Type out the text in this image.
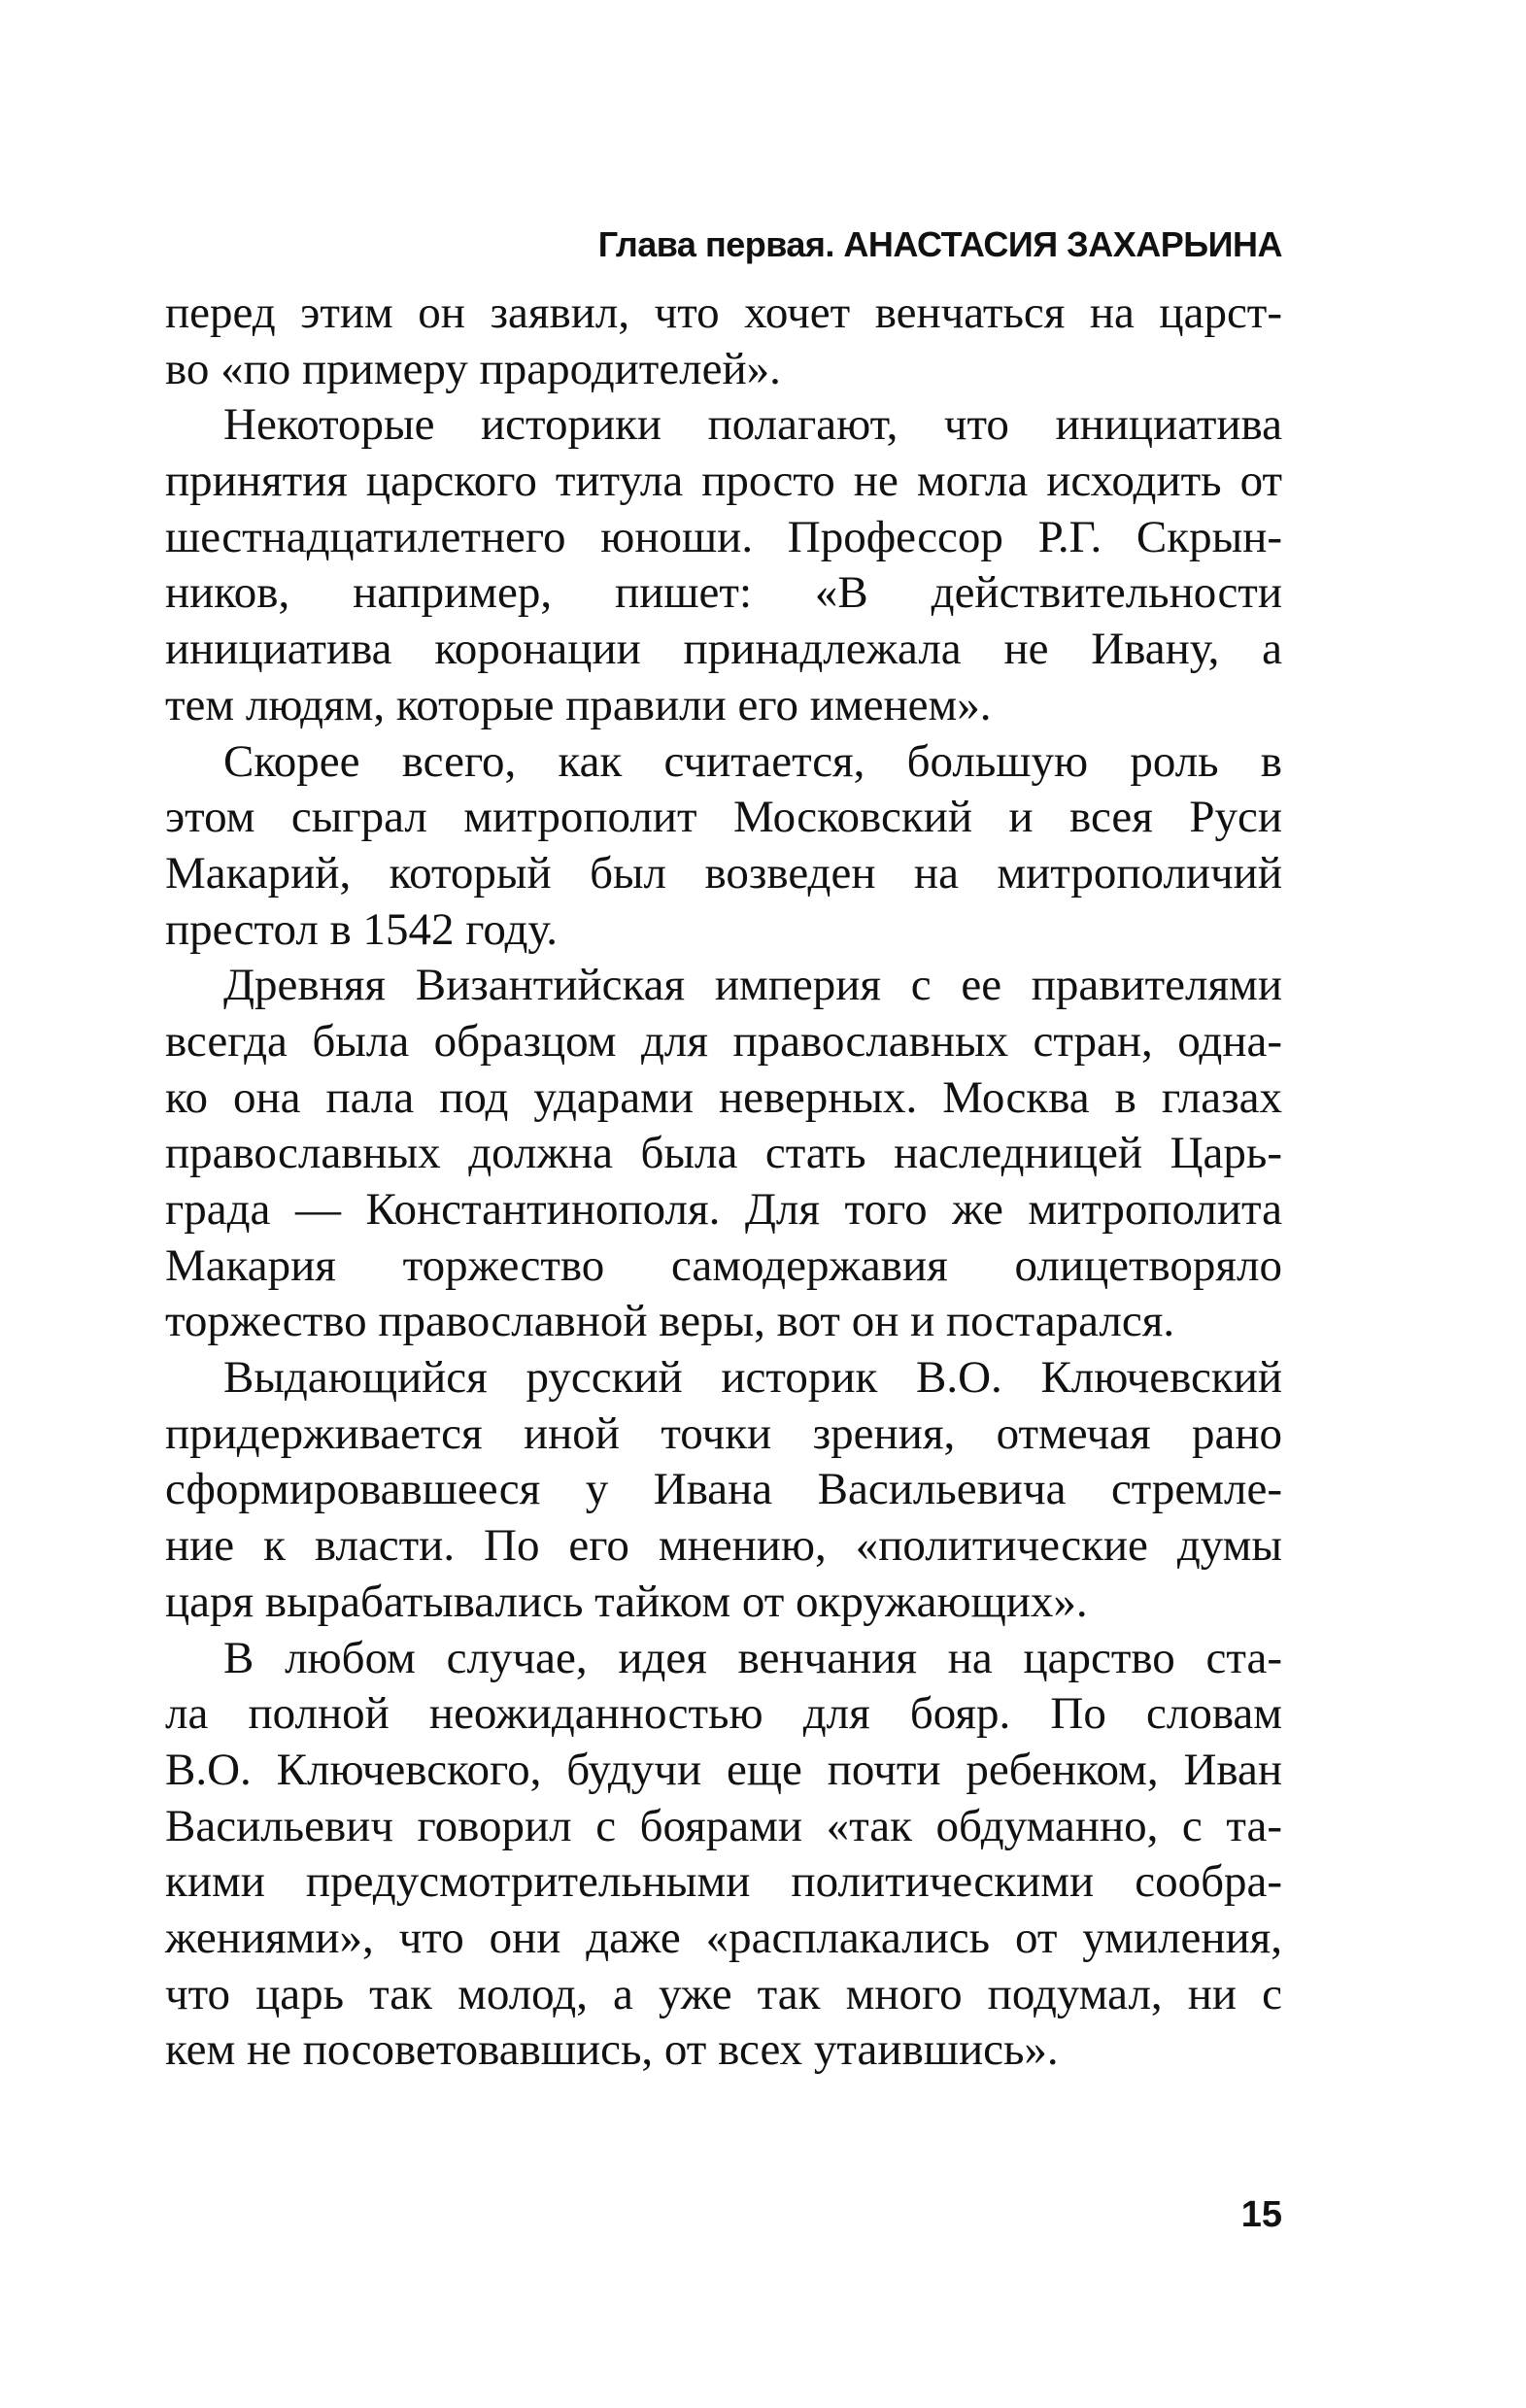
Глава первая. АНАСТАСИЯ ЗАХАРЬИНА
перед этим он заявил, что хочет венчаться на царст-
во «по примеру прародителей».
Некоторые историки полагают, что инициатива
принятия царского титула просто не могла исходить от
шестнадцатилетнего юноши. Профессор Р.Г. Скрын-
ников, например, пишет: «В действительности
инициатива коронации принадлежала не Ивану, а
тем людям, которые правили его именем».
Скорее всего, как считается, большую роль в
этом сыграл митрополит Московский и всея Руси
Макарий, который был возведен на митрополичий
престол в 1542 году.
Древняя Византийская империя с ее правителями
всегда была образцом для православных стран, одна-
ко она пала под ударами неверных. Москва в глазах
православных должна была стать наследницей Царь-
града — Константинополя. Для того же митрополита
Макария торжество самодержавия олицетворяло
торжество православной веры, вот он и постарался.
Выдающийся русский историк В.О. Ключевский
придерживается иной точки зрения, отмечая рано
сформировавшееся у Ивана Васильевича стремле-
ние к власти. По его мнению, «политические думы
царя вырабатывались тайком от окружающих».
В любом случае, идея венчания на царство ста-
ла полной неожиданностью для бояр. По словам
В.О. Ключевского, будучи еще почти ребенком, Иван
Васильевич говорил с боярами «так обдуманно, с та-
кими предусмотрительными политическими сообра-
жениями», что они даже «расплакались от умиления,
что царь так молод, а уже так много подумал, ни с
кем не посоветовавшись, от всех утаившись».
15
